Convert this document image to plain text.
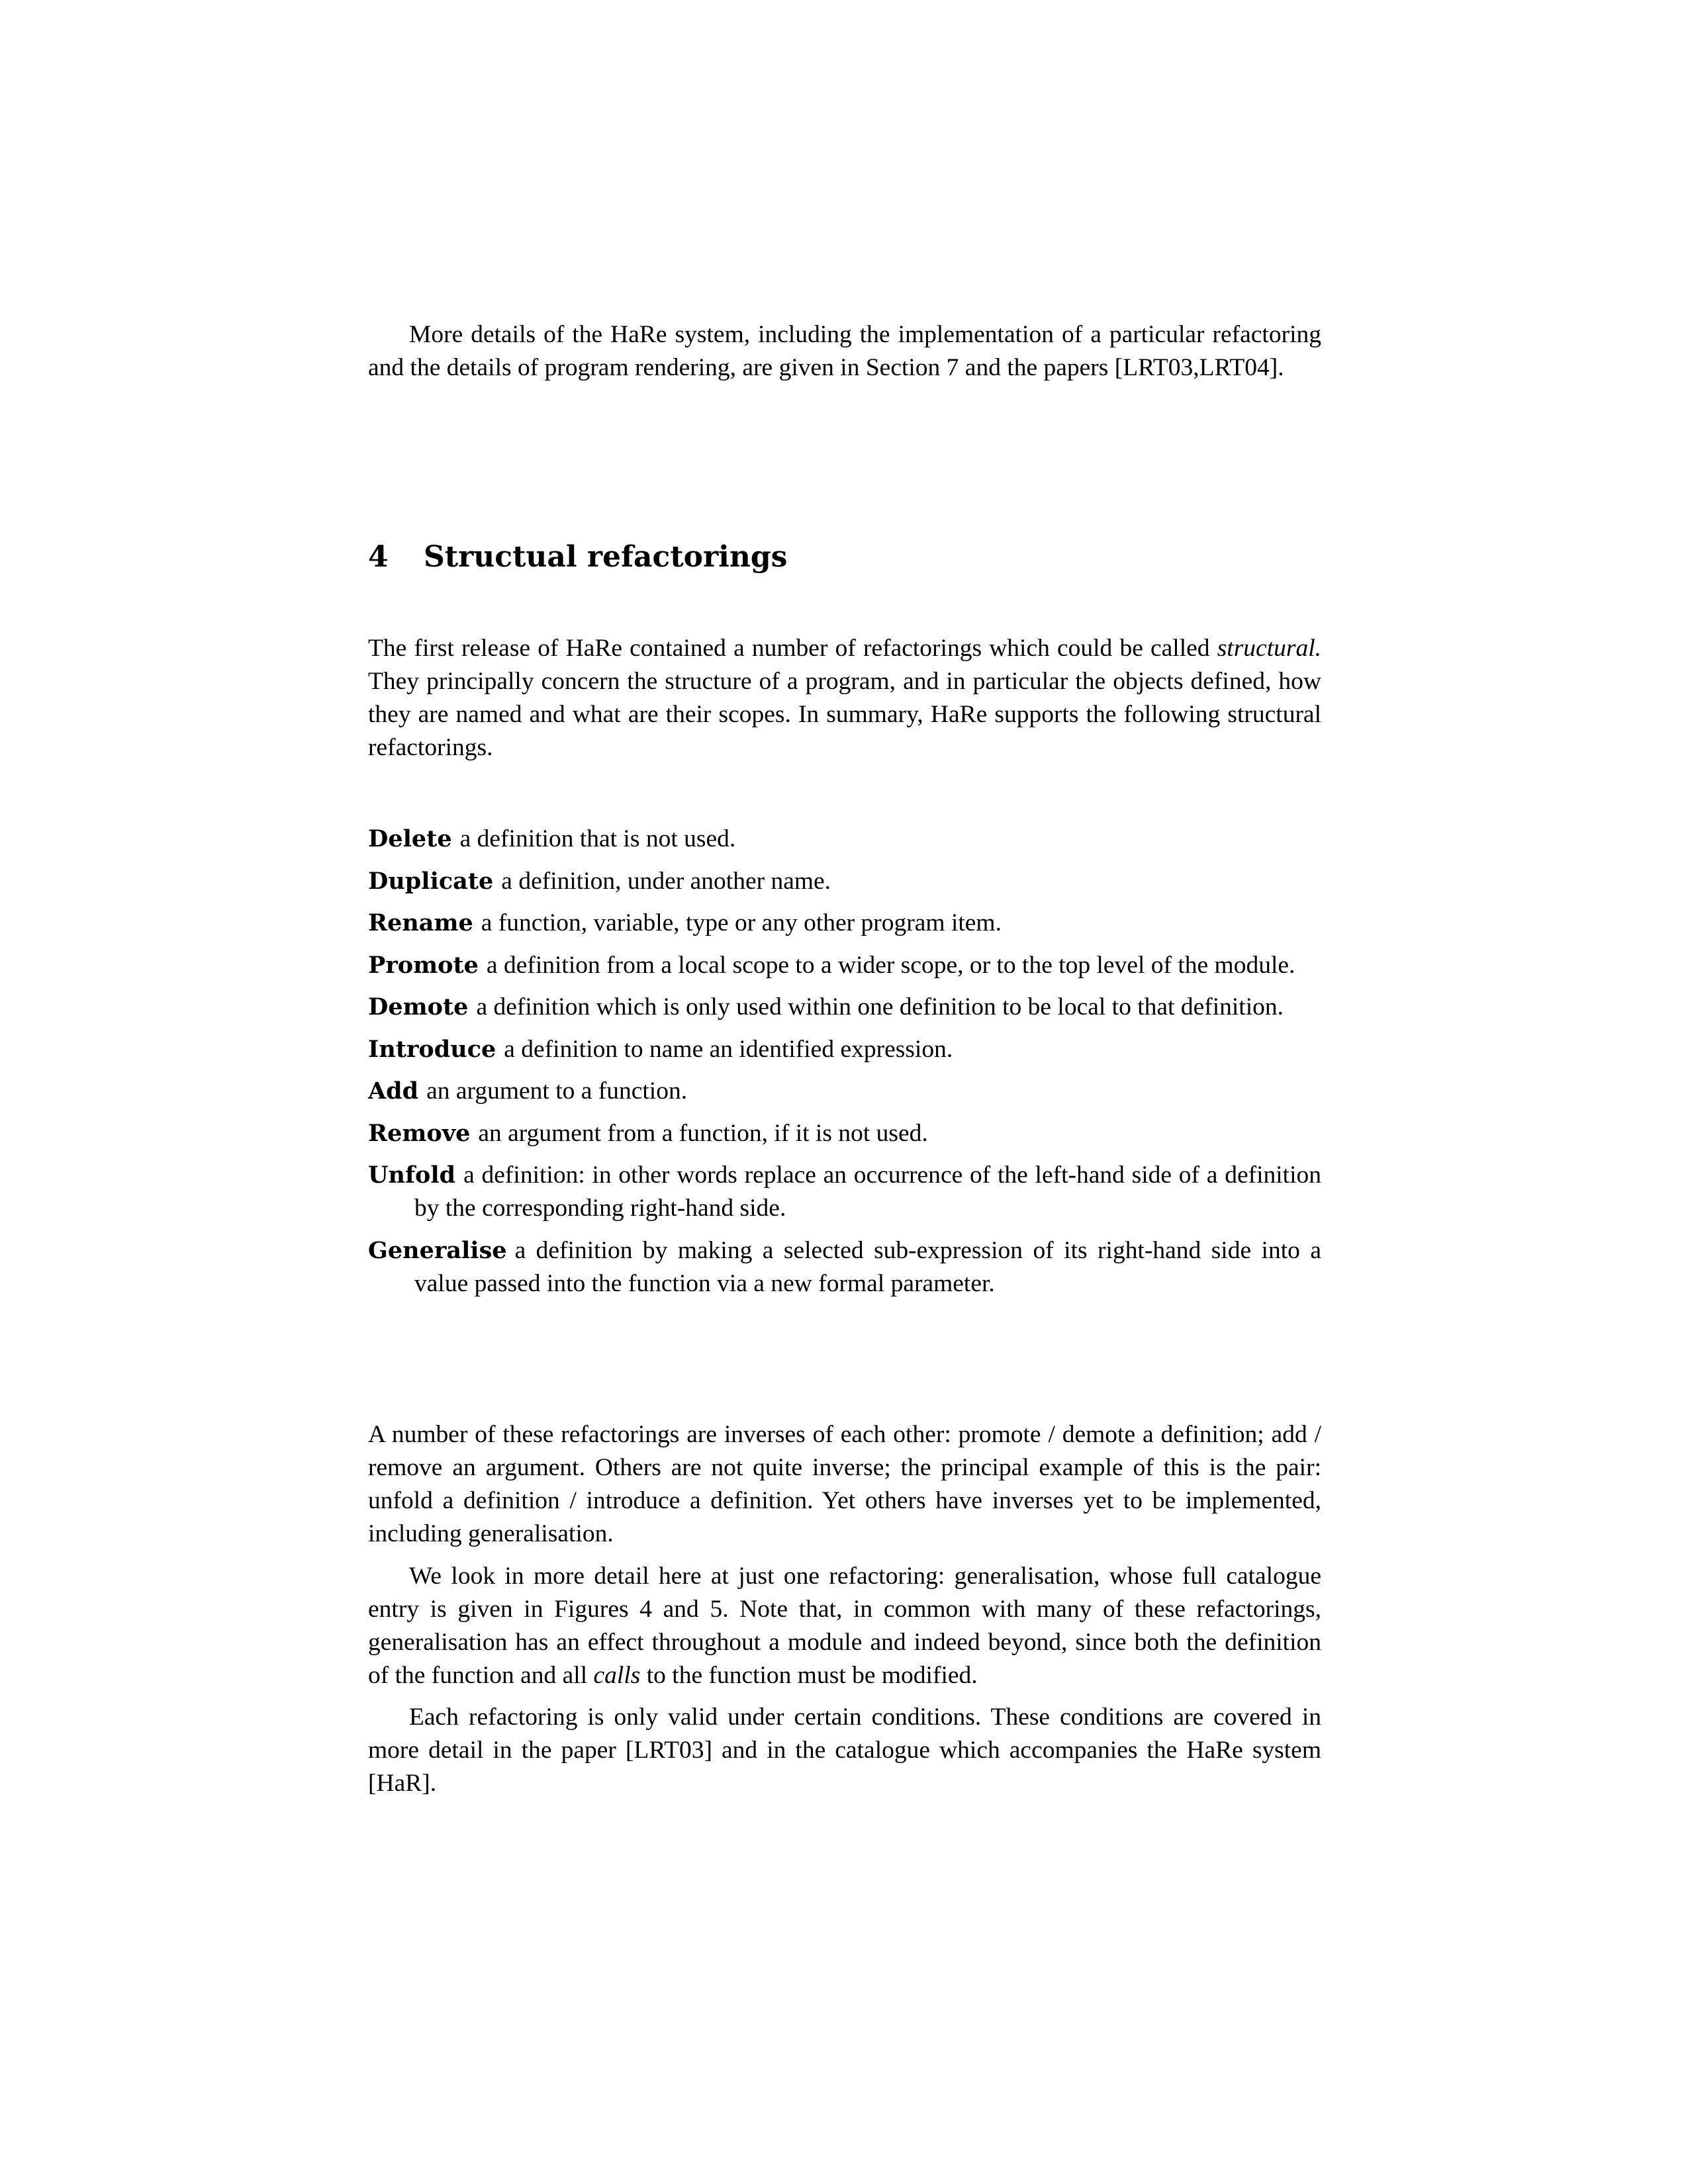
More details of the HaRe system, including the implementation of a particular refactoring and the details of program rendering, are given in Section 7 and the papers [LRT03,LRT04].

4 Structual refactorings

The first release of HaRe contained a number of refactorings which could be called structural. They principally concern the structure of a program, and in particular the objects defined, how they are named and what are their scopes. In summary, HaRe supports the following structural refactorings.

Delete a definition that is not used.
Duplicate a definition, under another name.
Rename a function, variable, type or any other program item.
Promote a definition from a local scope to a wider scope, or to the top level of the module.
Demote a definition which is only used within one definition to be local to that definition.
Introduce a definition to name an identified expression.
Add an argument to a function.
Remove an argument from a function, if it is not used.
Unfold a definition: in other words replace an occurrence of the left-hand side of a definition by the corresponding right-hand side.
Generalise a definition by making a selected sub-expression of its right-hand side into a value passed into the function via a new formal parameter.

A number of these refactorings are inverses of each other: promote / demote a definition; add / remove an argument. Others are not quite inverse; the principal example of this is the pair: unfold a definition / introduce a definition. Yet others have inverses yet to be implemented, including generalisation.

We look in more detail here at just one refactoring: generalisation, whose full catalogue entry is given in Figures 4 and 5. Note that, in common with many of these refactorings, generalisation has an effect throughout a module and indeed beyond, since both the definition of the function and all calls to the function must be modified.

Each refactoring is only valid under certain conditions. These conditions are covered in more detail in the paper [LRT03] and in the catalogue which accompanies the HaRe system [HaR].
